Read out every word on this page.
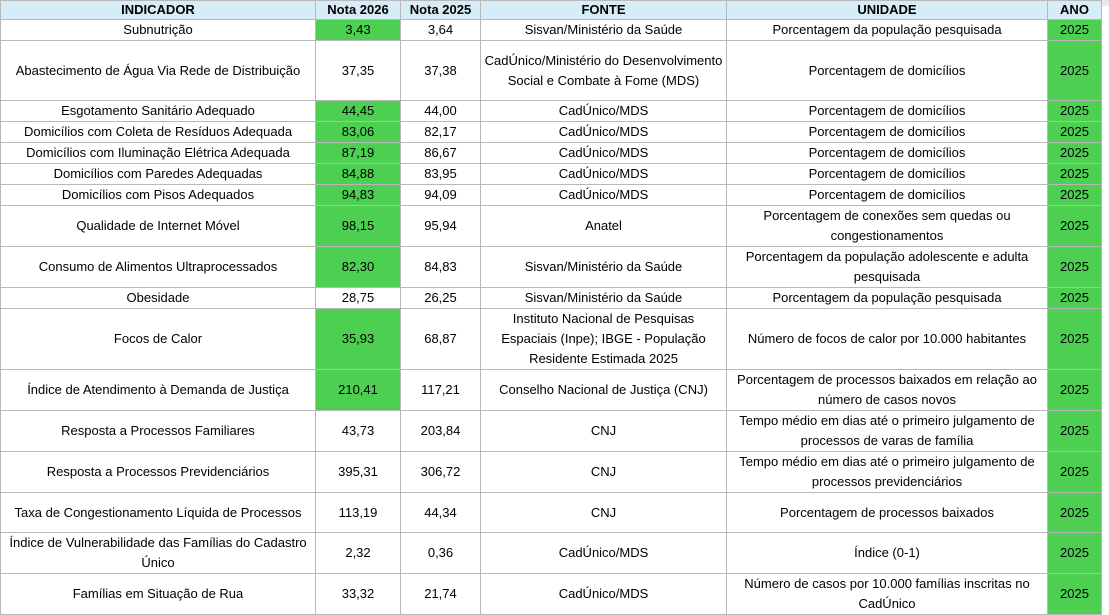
INDICADOR	Nota 2026	Nota 2025	FONTE	UNIDADE	ANO
Subnutrição	3,43	3,64	Sisvan/Ministério da Saúde	Porcentagem da população pesquisada	2025
Abastecimento de Água Via Rede de Distribuição	37,35	37,38	CadÚnico/Ministério do Desenvolvimento Social e Combate à Fome (MDS)	Porcentagem de domicílios	2025
Esgotamento Sanitário Adequado	44,45	44,00	CadÚnico/MDS	Porcentagem de domicílios	2025
Domicílios com Coleta de Resíduos Adequada	83,06	82,17	CadÚnico/MDS	Porcentagem de domicílios	2025
Domicílios com Iluminação Elétrica Adequada	87,19	86,67	CadÚnico/MDS	Porcentagem de domicílios	2025
Domicílios com Paredes Adequadas	84,88	83,95	CadÚnico/MDS	Porcentagem de domicílios	2025
Domicílios com Pisos Adequados	94,83	94,09	CadÚnico/MDS	Porcentagem de domicílios	2025
Qualidade de Internet Móvel	98,15	95,94	Anatel	Porcentagem de conexões sem quedas ou congestionamentos	2025
Consumo de Alimentos Ultraprocessados	82,30	84,83	Sisvan/Ministério da Saúde	Porcentagem da população adolescente e adulta pesquisada	2025
Obesidade	28,75	26,25	Sisvan/Ministério da Saúde	Porcentagem da população pesquisada	2025
Focos de Calor	35,93	68,87	Instituto Nacional de Pesquisas Espaciais (Inpe); IBGE - População Residente Estimada 2025	Número de focos de calor por 10.000 habitantes	2025
Índice de Atendimento à Demanda de Justiça	210,41	117,21	Conselho Nacional de Justiça (CNJ)	Porcentagem de processos baixados em relação ao número de casos novos	2025
Resposta a Processos Familiares	43,73	203,84	CNJ	Tempo médio em dias até o primeiro julgamento de processos de varas de família	2025
Resposta a Processos Previdenciários	395,31	306,72	CNJ	Tempo médio em dias até o primeiro julgamento de processos previdenciários	2025
Taxa de Congestionamento Líquida de Processos	113,19	44,34	CNJ	Porcentagem de processos baixados	2025
Índice de Vulnerabilidade das Famílias do Cadastro Único	2,32	0,36	CadÚnico/MDS	Índice (0-1)	2025
Famílias em Situação de Rua	33,32	21,74	CadÚnico/MDS	Número de casos por 10.000 famílias inscritas no CadÚnico	2025
